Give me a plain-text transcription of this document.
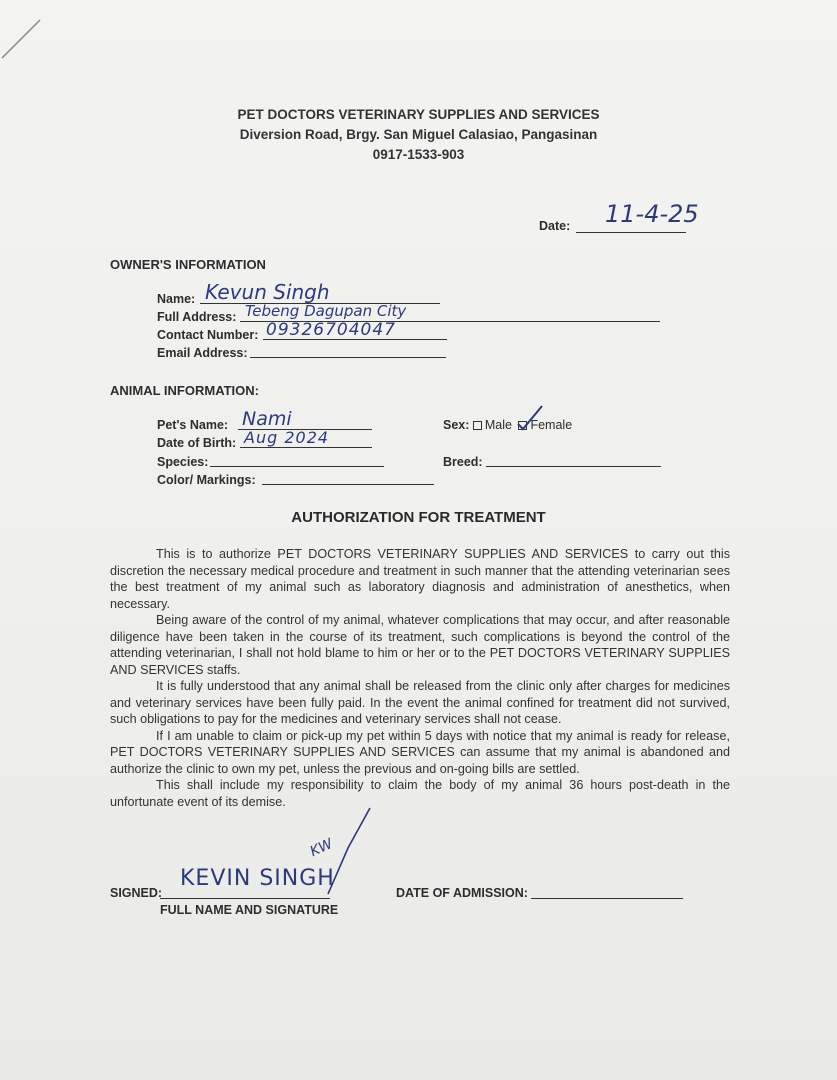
PET DOCTORS VETERINARY SUPPLIES AND SERVICES
Diversion Road, Brgy. San Miguel Calasiao, Pangasinan
0917-1533-903
Date: 11-4-25
OWNER'S INFORMATION
Name: Kevun Singh
Full Address: Tebeng Dagupan City
Contact Number: 09326704047
Email Address:
ANIMAL INFORMATION:
Pet's Name: Nami
Date of Birth: Aug 2024
Species:
Color/ Markings:
Sex: Male Female
Breed:
AUTHORIZATION FOR TREATMENT

This is to authorize PET DOCTORS VETERINARY SUPPLIES AND SERVICES to carry out this discretion the necessary medical procedure and treatment in such manner that the attending veterinarian sees the best treatment of my animal such as laboratory diagnosis and administration of anesthetics, when necessary.

Being aware of the control of my animal, whatever complications that may occur, and after reasonable diligence have been taken in the course of its treatment, such complications is beyond the control of the attending veterinarian, I shall not hold blame to him or her or to the PET DOCTORS VETERINARY SUPPLIES AND SERVICES staffs.

It is fully understood that any animal shall be released from the clinic only after charges for medicines and veterinary services have been fully paid. In the event the animal confined for treatment did not survived, such obligations to pay for the medicines and veterinary services shall not cease.

If I am unable to claim or pick-up my pet within 5 days with notice that my animal is ready for release, PET DOCTORS VETERINARY SUPPLIES AND SERVICES can assume that my animal is abandoned and authorize the clinic to own my pet, unless the previous and on-going bills are settled.

This shall include my responsibility to claim the body of my animal 36 hours post-death in the unfortunate event of its demise.

KW
SIGNED:
KEVIN SINGH
FULL NAME AND SIGNATURE
DATE OF ADMISSION:
